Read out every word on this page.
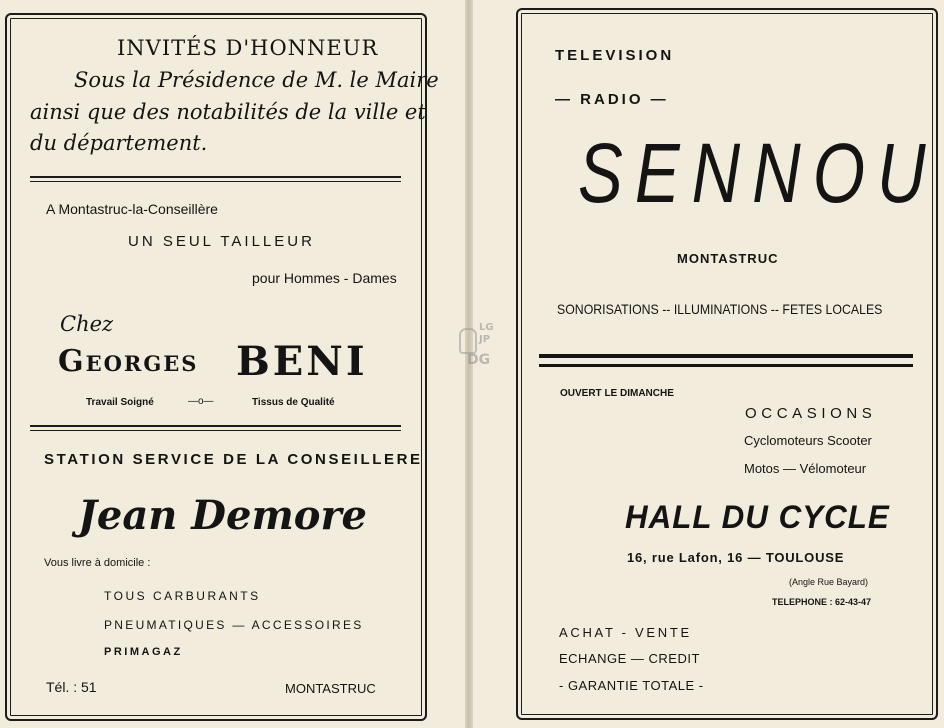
INVITÉS D'HONNEUR
Sous la Présidence de M. le Maire
ainsi que des notabilités de la ville et
du département.
A Montastruc-la-Conseillère
UN SEUL TAILLEUR
pour Hommes - Dames
Chez
Georges BENI
Travail Soigné	—o—	Tissus de Qualité
STATION SERVICE DE LA CONSEILLERE
Jean Demore
Vous livre à domicile :
TOUS CARBURANTS
PNEUMATIQUES — ACCESSOIRES
PRIMAGAZ
Tél. : 51	MONTASTRUC
LG
JP
DG
TELEVISION
— RADIO —
SENNOU
MONTASTRUC
SONORISATIONS -- ILLUMINATIONS -- FETES LOCALES
OUVERT LE DIMANCHE
OCCASIONS
Cyclomoteurs Scooter
Motos — Vélomoteur
HALL DU CYCLE
16, rue Lafon, 16 — TOULOUSE
(Angle Rue Bayard)
TELEPHONE : 62-43-47
ACHAT - VENTE
ECHANGE — CREDIT
- GARANTIE TOTALE -
